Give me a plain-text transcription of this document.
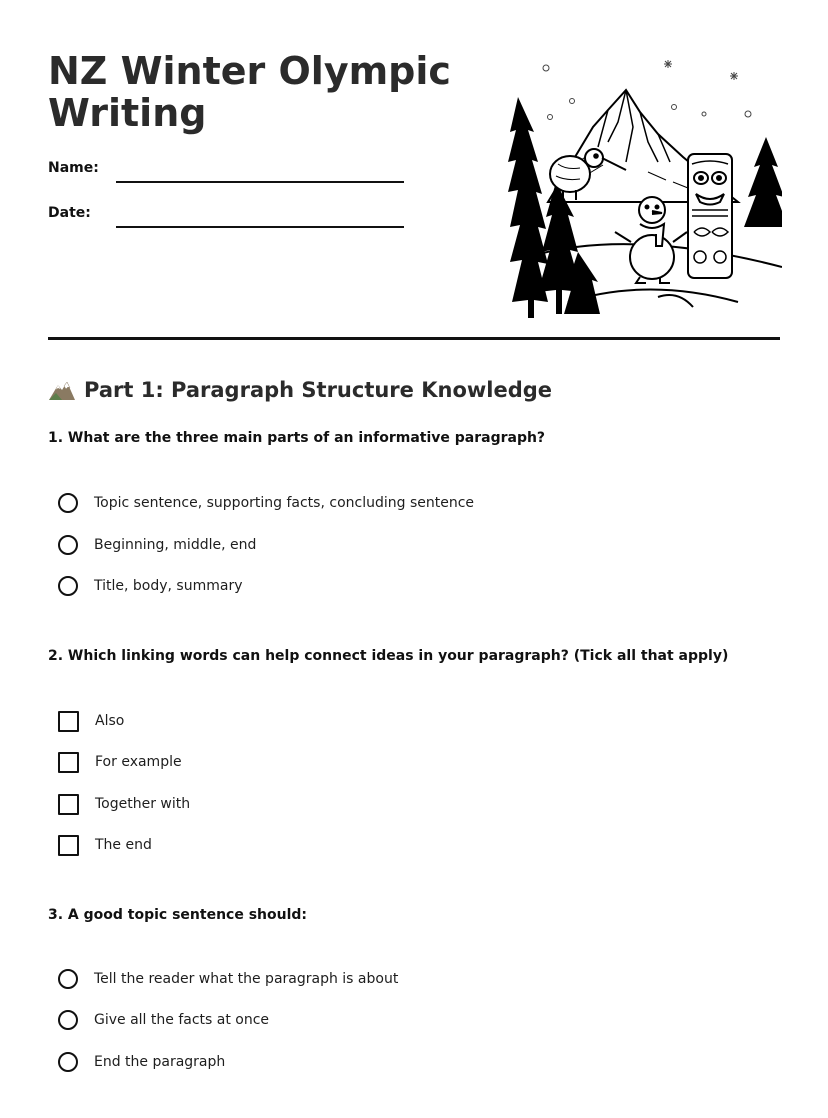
NZ Winter Olympic
Writing
Name:
Date:
Part 1: Paragraph Structure Knowledge
1. What are the three main parts of an informative paragraph?
Topic sentence, supporting facts, concluding sentence
Beginning, middle, end
Title, body, summary
2. Which linking words can help connect ideas in your paragraph? (Tick all that apply)
Also
For example
Together with
The end
3. A good topic sentence should:
Tell the reader what the paragraph is about
Give all the facts at once
End the paragraph
